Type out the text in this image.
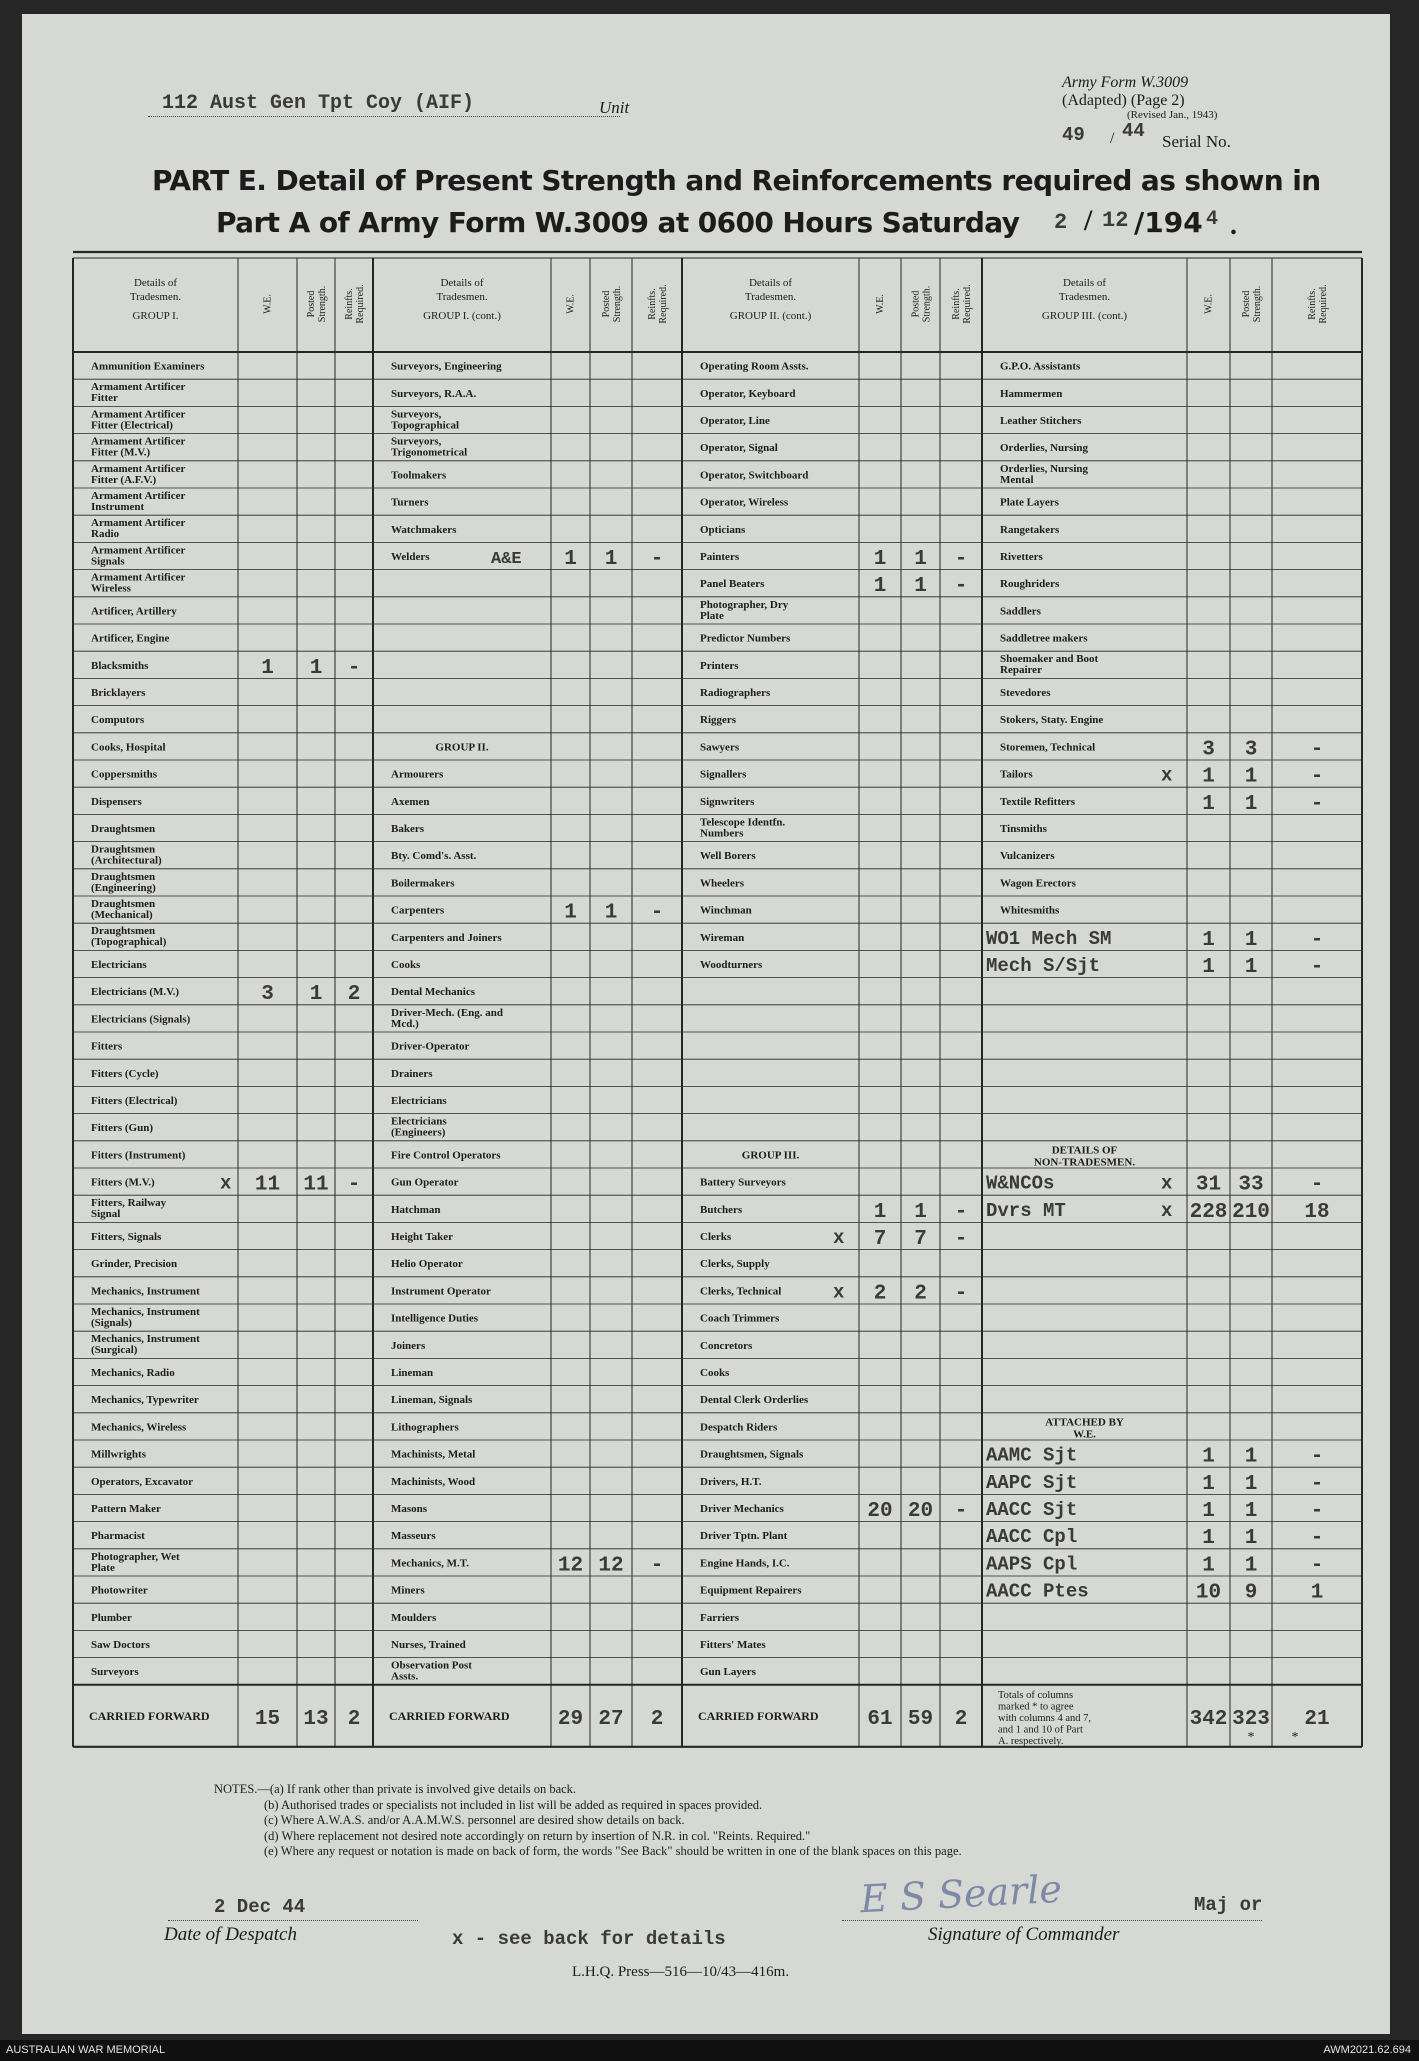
112 Aust Gen Tpt Coy (AIF)	Unit
Army Form W.3009
(Adapted) (Page 2)
(Revised Jan., 1943)
49 / 44 Serial No.
PART E. Detail of Present Strength and Reinforcements required as shown in
Part A of Army Form W.3009 at 0600 Hours Saturday 2 / 12 /194 4 .
Details of
Tradesmen.
GROUP I.
W.E.	Posted Strength. Reinfts. Required.
Details of
Tradesmen.
GROUP I. (cont.)
W.E. Posted Strength. Reinfts. Required.
Details of
Tradesmen.
GROUP II. (cont.)
W.E. Posted Strength. Reinfts. Required.
Details of
Tradesmen.
GROUP III. (cont.)
W.E.	Posted Strength.	Reinfts. Required.
Ammunition Examiners
Armament Artificer
Fitter
Armament Artificer
Fitter (Electrical)
Armament Artificer
Fitter (M.V.)
Armament Artificer
Fitter (A.F.V.)
Armament Artificer
Instrument
Armament Artificer
Radio
Armament Artificer
Signals
Armament Artificer
Wireless
Artificer, Artillery
Artificer, Engine
Blacksmiths	1 1 -
Bricklayers
Computors
Cooks, Hospital
Coppersmiths
Dispensers
Draughtsmen
Draughtsmen
(Architectural)
Draughtsmen
(Engineering)
Draughtsmen
(Mechanical)
Draughtsmen
(Topographical)
Electricians
Electricians (M.V.)	3 1 2
Electricians (Signals)
Fitters
Fitters (Cycle)
Fitters (Electrical)
Fitters (Gun)
Fitters (Instrument)
Fitters (M.V.)	x 11 11 -
Fitters, Railway
Signal
Fitters, Signals
Grinder, Precision
Mechanics, Instrument
Mechanics, Instrument
(Signals)
Mechanics, Instrument
(Surgical)
Mechanics, Radio
Mechanics, Typewriter
Mechanics, Wireless
Millwrights
Operators, Excavator
Pattern Maker
Pharmacist
Photographer, Wet
Plate
Photowriter
Plumber
Saw Doctors
Surveyors
CARRIED FORWARD 15 13 2
Surveyors, Engineering
Surveyors, R.A.A.
Surveyors,
Topographical
Surveyors,
Trigonometrical
Toolmakers
Turners
Watchmakers
Welders	A&E 1 1 -
GROUP II.
Armourers
Axemen
Bakers
Bty. Comd's. Asst.
Boilermakers
Carpenters	1 1 -
Carpenters and Joiners
Cooks
Dental Mechanics
Driver-Mech. (Eng. and
Mcd.)
Driver-Operator
Drainers
Electricians
Electricians
(Engineers)
Fire Control Operators
Gun Operator
Hatchman
Height Taker
Helio Operator
Instrument Operator
Intelligence Duties
Joiners
Lineman
Lineman, Signals
Lithographers
Machinists, Metal
Machinists, Wood
Masons
Masseurs
Mechanics, M.T.	12 12 -
Miners
Moulders
Nurses, Trained
Observation Post
Assts.
CARRIED FORWARD 29 27 2
Operating Room Assts.
Operator, Keyboard
Operator, Line
Operator, Signal
Operator, Switchboard
Operator, Wireless
Opticians
Painters	1 1 -
Panel Beaters	1 1 -
Photographer, Dry
Plate
Predictor Numbers
Printers
Radiographers
Riggers
Sawyers
Signallers
Signwriters
Telescope Identfn.
Numbers
Well Borers
Wheelers
Winchman
Wireman
Woodturners
GROUP III.
Battery Surveyors
Butchers	1 1 -
Clerks	x 7 7 -
Clerks, Supply
Clerks, Technical	x 2 2 -
Coach Trimmers
Concretors
Cooks
Dental Clerk Orderlies
Despatch Riders
Draughtsmen, Signals
Drivers, H.T.
Driver Mechanics	20 20 -
Driver Tptn. Plant
Engine Hands, I.C.
Equipment Repairers
Farriers
Fitters' Mates
Gun Layers
CARRIED FORWARD 61 59 2
G.P.O. Assistants
Hammermen
Leather Stitchers
Orderlies, Nursing
Orderlies, Nursing
Mental
Plate Layers
Rangetakers
Rivetters
Roughriders
Saddlers
Saddletree makers
Shoemaker and Boot
Repairer
Stevedores
Stokers, Staty. Engine
Storemen, Technical	3 3	-
Tailors	x 1 1	-
Textile Refitters	1 1	-
Tinsmiths
Vulcanizers
Wagon Erectors
Whitesmiths
WO1 Mech SM	1 1	-
Mech S/Sjt	1 1	-
DETAILS OF
NON-TRADESMEN.
W&NCOs	x 31 33 -
Dvrs MT	x 228 210 18
ATTACHED BY
W.E.
AAMC Sjt	1 1	-
AAPC Sjt	1 1	-
AACC Sjt	1 1	-
AACC Cpl	1 1	-
AAPS Cpl	1 1	-
AACC Ptes	10 9	1
Totals of columns
marked * to agree
with columns 4 and 7,
and 1 and 10 of Part
A. respectively.
342 323 21
*	*
NOTES.—(a) If rank other than private is involved give details on back.
(b) Authorised trades or specialists not included in list will be added as required in spaces provided.
(c) Where A.W.A.S. and/or A.A.M.W.S. personnel are desired show details on back.
(d) Where replacement not desired note accordingly on return by insertion of N.R. in col. "Reints. Required."
(e) Where any request or notation is made on back of form, the words "See Back" should be written in one of the blank spaces on this page.
2 Dec 44
Date of Despatch	x - see back for details
E S Searle	Maj or
Signature of Commander
L.H.Q. Press—516—10/43—416m.
AUSTRALIAN WAR MEMORIAL	AWM2021.62.694
